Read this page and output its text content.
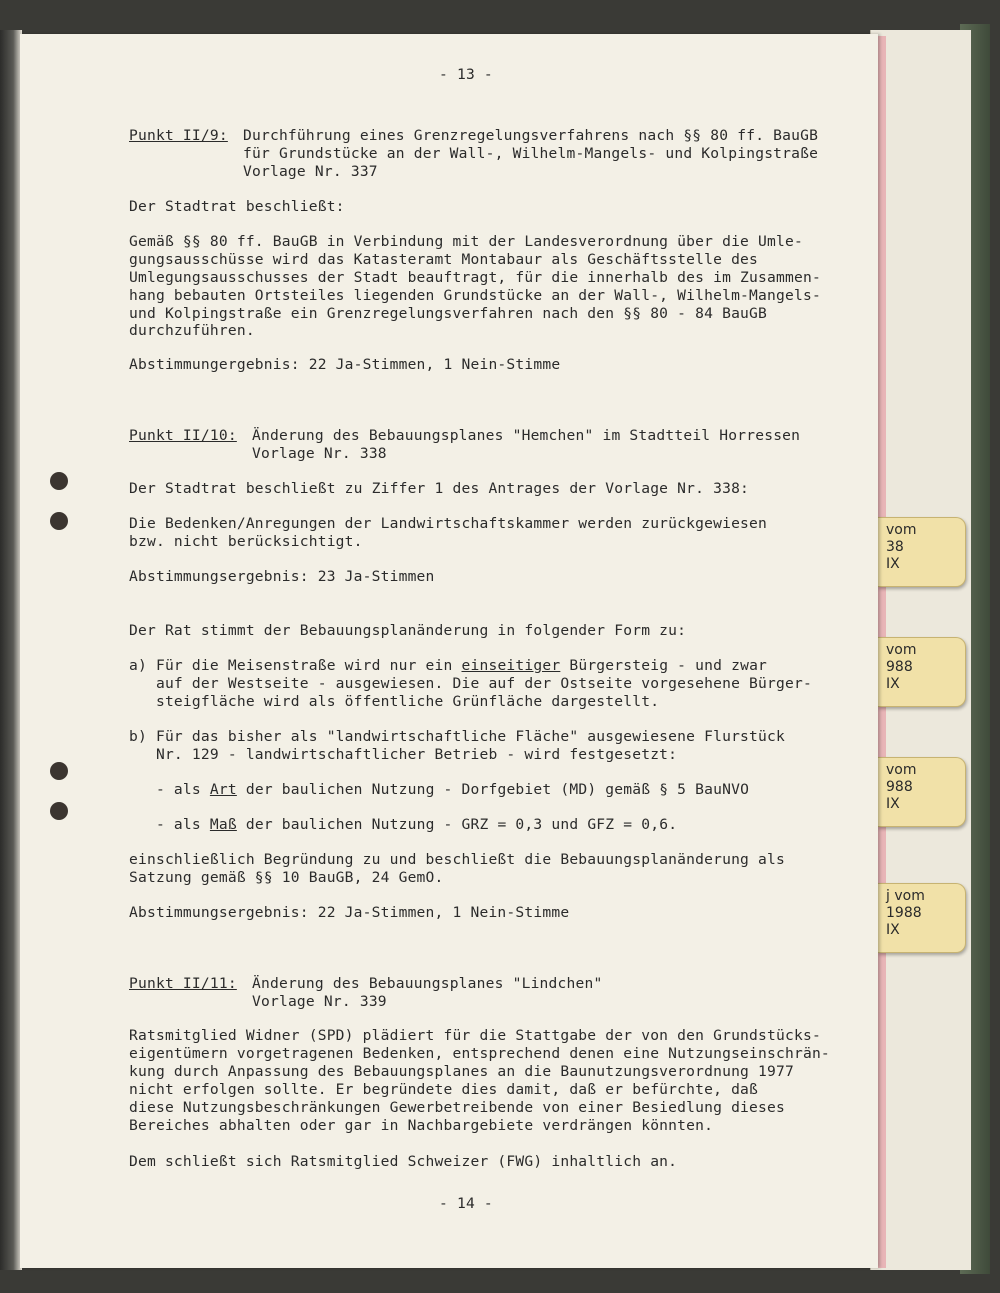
vom
38
IX
vom
988
IX
vom
988
IX
j vom
1988
IX
- 13 -
Punkt II/9: Durchführung eines Grenzregelungsverfahrens nach §§ 80 ff. BauGB
für Grundstücke an der Wall-, Wilhelm-Mangels- und Kolpingstraße
Vorlage Nr. 337
Der Stadtrat beschließt:
Gemäß §§ 80 ff. BauGB in Verbindung mit der Landesverordnung über die Umle-
gungsausschüsse wird das Katasteramt Montabaur als Geschäftsstelle des
Umlegungsausschusses der Stadt beauftragt, für die innerhalb des im Zusammen-
hang bebauten Ortsteiles liegenden Grundstücke an der Wall-, Wilhelm-Mangels-
und Kolpingstraße ein Grenzregelungsverfahren nach den §§ 80 - 84 BauGB
durchzuführen.
Abstimmungergebnis: 22 Ja-Stimmen, 1 Nein-Stimme
Punkt II/10: Änderung des Bebauungsplanes "Hemchen" im Stadtteil Horressen
Vorlage Nr. 338
Der Stadtrat beschließt zu Ziffer 1 des Antrages der Vorlage Nr. 338:
Die Bedenken/Anregungen der Landwirtschaftskammer werden zurückgewiesen
bzw. nicht berücksichtigt.
Abstimmungsergebnis: 23 Ja-Stimmen
Der Rat stimmt der Bebauungsplanänderung in folgender Form zu:
a) Für die Meisenstraße wird nur ein einseitiger Bürgersteig - und zwar
auf der Westseite - ausgewiesen. Die auf der Ostseite vorgesehene Bürger-
steigfläche wird als öffentliche Grünfläche dargestellt.
b) Für das bisher als "landwirtschaftliche Fläche" ausgewiesene Flurstück
Nr. 129 - landwirtschaftlicher Betrieb - wird festgesetzt:
- als Art der baulichen Nutzung - Dorfgebiet (MD) gemäß § 5 BauNVO
- als Maß der baulichen Nutzung - GRZ = 0,3 und GFZ = 0,6.
einschließlich Begründung zu und beschließt die Bebauungsplanänderung als
Satzung gemäß §§ 10 BauGB, 24 GemO.
Abstimmungsergebnis: 22 Ja-Stimmen, 1 Nein-Stimme
Punkt II/11: Änderung des Bebauungsplanes "Lindchen"
Vorlage Nr. 339
Ratsmitglied Widner (SPD) plädiert für die Stattgabe der von den Grundstücks-
eigentümern vorgetragenen Bedenken, entsprechend denen eine Nutzungseinschrän-
kung durch Anpassung des Bebauungsplanes an die Baunutzungsverordnung 1977
nicht erfolgen sollte. Er begründete dies damit, daß er befürchte, daß
diese Nutzungsbeschränkungen Gewerbetreibende von einer Besiedlung dieses
Bereiches abhalten oder gar in Nachbargebiete verdrängen könnten.
Dem schließt sich Ratsmitglied Schweizer (FWG) inhaltlich an.
- 14 -
